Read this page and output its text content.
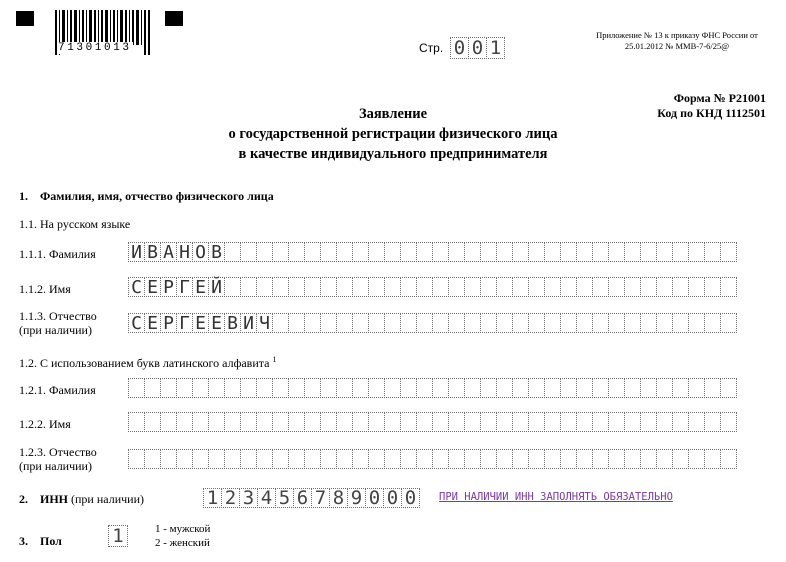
71301013	Стр. 0 0 1
Приложение № 13 к приказу ФНС России от
25.01.2012 № ММВ-7-6/25@
Форма № Р21001
Код по КНД 1112501
Заявление
о государственной регистрации физического лица
в качестве индивидуального предпринимателя
1. Фамилия, имя, отчество физического лица
1.1. На русском языке
1.1.1. Фамилия И В А Н О В
1.1.2. Имя	С Е Р Г Е Й
1.1.3. Отчество
(при наличии) С Е Р Г Е Е В И Ч
1.2. С использованием букв латинского алфавита $^1$
1.2.1. Фамилия
1.2.2. Имя
1.2.3. Отчество
(при наличии)
2. ИНН (при наличии)	1 2 3 4 5 6 7 8 9 0 0 0	ПРИ НАЛИЧИИ ИНН ЗАПОЛНЯТЬ ОБЯЗАТЕЛЬНО
3. Пол	1	1 - мужской
2 - женский
